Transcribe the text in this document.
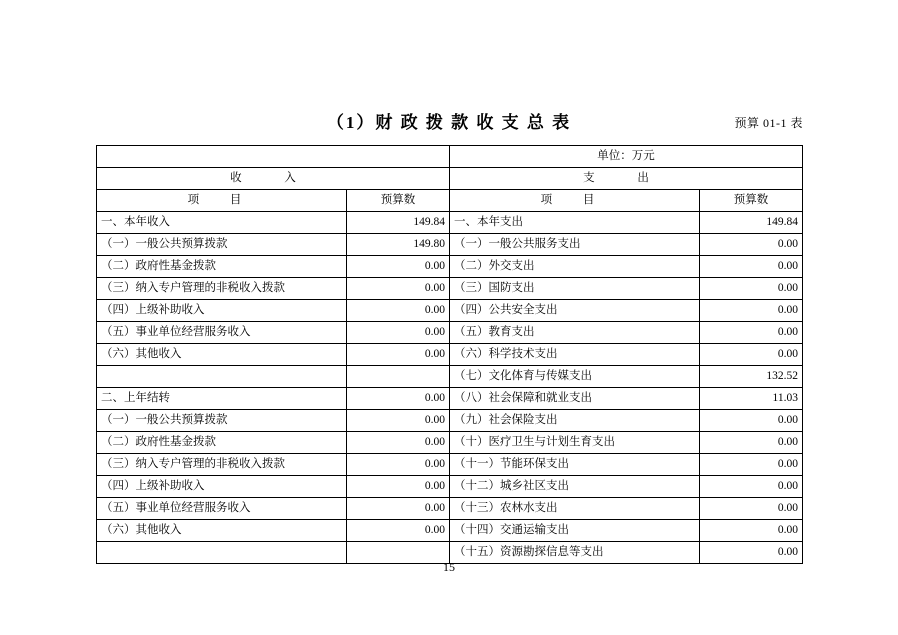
（1）财 政 拨 款 收 支 总 表	预算 01-1 表
		单位：万元	
收 入		支 出	
项 目	预算数	项 目	预算数
一、本年收入	149.84	一、本年支出	149.84
（一）一般公共预算拨款	149.80	（一）一般公共服务支出	0.00
（二）政府性基金拨款	0.00	（二）外交支出	0.00
（三）纳入专户管理的非税收入拨款	0.00	（三）国防支出	0.00
（四）上级补助收入	0.00	（四）公共安全支出	0.00
（五）事业单位经营服务收入	0.00	（五）教育支出	0.00
（六）其他收入	0.00	（六）科学技术支出	0.00
		（七）文化体育与传媒支出	132.52
二、上年结转	0.00	（八）社会保障和就业支出	11.03
（一）一般公共预算拨款	0.00	（九）社会保险支出	0.00
（二）政府性基金拨款	0.00	（十）医疗卫生与计划生育支出	0.00
（三）纳入专户管理的非税收入拨款	0.00	（十一）节能环保支出	0.00
（四）上级补助收入	0.00	（十二）城乡社区支出	0.00
（五）事业单位经营服务收入	0.00	（十三）农林水支出	0.00
（六）其他收入	0.00	（十四）交通运输支出	0.00
		（十五）资源勘探信息等支出	0.00
15
